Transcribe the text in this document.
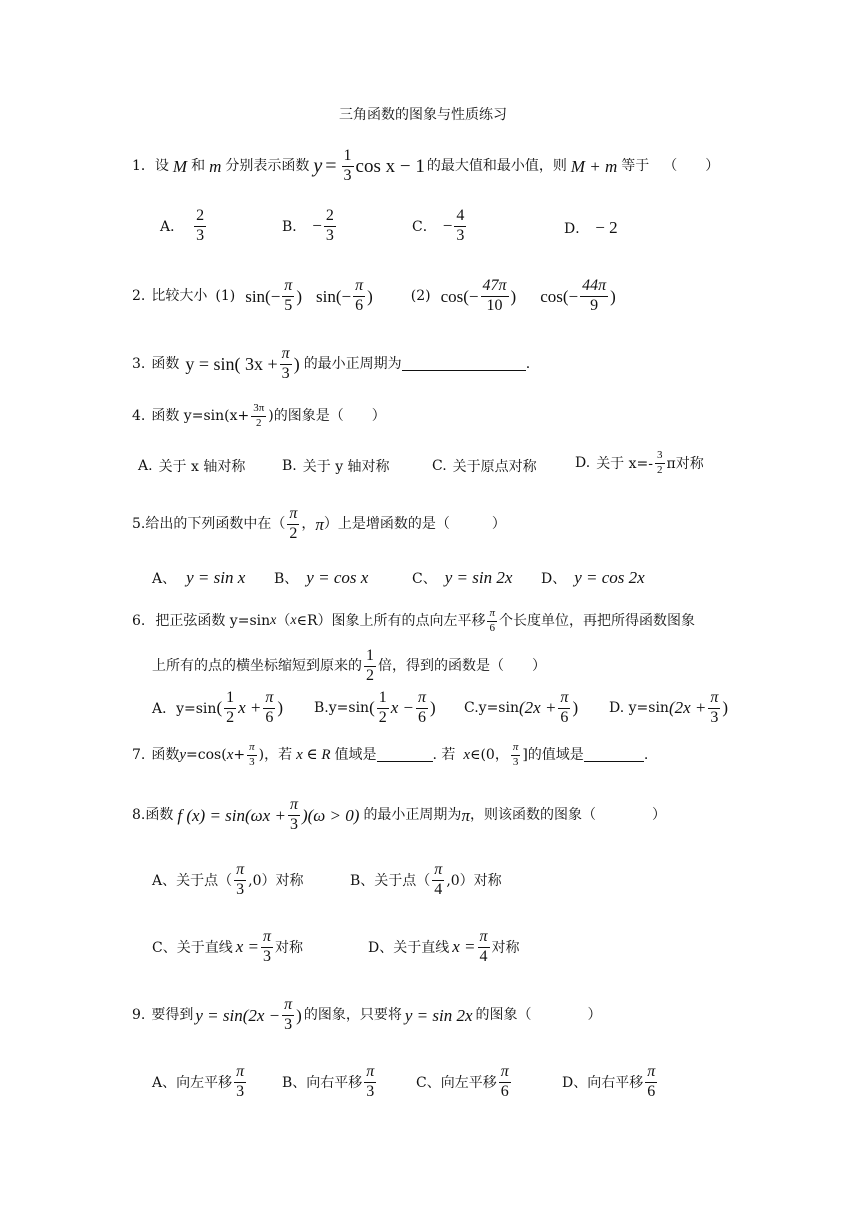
三角函数的图象与性质练习
1． 设 M 和 m 分别表示函数 $y = \frac{1}{3}$ cos x − 1 的最大值和最小值，则 M + m 等于 （　　）
A． $\frac{2}{3}$	B． − $\frac{2}{3}$	C． − $\frac{4}{3}$	D． − 2
2. 比较大小 (1) $\sin(- \frac{\pi}{5}$ ) $\sin(- \frac{\pi}{6}$ )	(2) $\cos(- \frac{47\pi}{10}$ ) $\cos(- \frac{44\pi}{9}$ )
3. 函数 y = sin( $3x + \frac{\pi}{3}$ ) 的最小正周期为	.
4. 函数 $y=\sin(x+ \frac{3\pi}{2}$ )的图象是（　　）
A. 关于 x 轴对称	B. 关于 y 轴对称	C. 关于原点对称	D. 关于 $x=- \frac{3}{2}$ π对称
5. 给出的下列函数中在（ $\frac{\pi}{2}$ ， π ）上是增函数的是（　　　）
A、 y = sin x B、 y = cos x	C、 y = sin 2x D、 y = cos 2x
6. 把正弦函数 y=sin x （ x ∈R）图象上所有的点向左平移 $\frac{\pi}{6}$ 个长度单位，再把所得函数图象
上所有的点的横坐标缩短到原来的 $\frac{1}{2}$ 倍，得到的函数是（　　）
A．y=sin ( $\frac{1}{2}$ $x + \frac{\pi}{6}$ ) B.y=sin ( $\frac{1}{2}$ $x - \frac{\pi}{6}$ ) C.y=sin ($2x + \frac{\pi}{6}$ ) D. y=sin ($2x + \frac{\pi}{3}$ )
7. 函数 y =cos( $x + \frac{\pi}{3}$ )，若 x ∈ R 值域是	. 若 x ∈(0， $\frac{\pi}{3}$ ]的值域是	.
8. 函数 f $(x) = \sin(\omega x + \frac{\pi}{3} )(\omega > 0)$ 的最小正周期为 π ，则该函数的图象（　　　　）
A、关于点（ $\frac{\pi}{3} ,0$）对称	B、关于点（ $\frac{\pi}{4} ,0$）对称
C、关于直线 $x = \frac{\pi}{3}$ 对称	D、关于直线 $x = \frac{\pi}{4}$ 对称
9. 要得到 $y = \sin(2x - \frac{\pi}{3}$ ) 的图象，只要将 y = sin 2x 的图象（　　　　）
A、向左平移 $\frac{\pi}{3}$	B、向右平移 $\frac{\pi}{3}$	C、向左平移 $\frac{\pi}{6}$	D、向右平移 $\frac{\pi}{6}$
